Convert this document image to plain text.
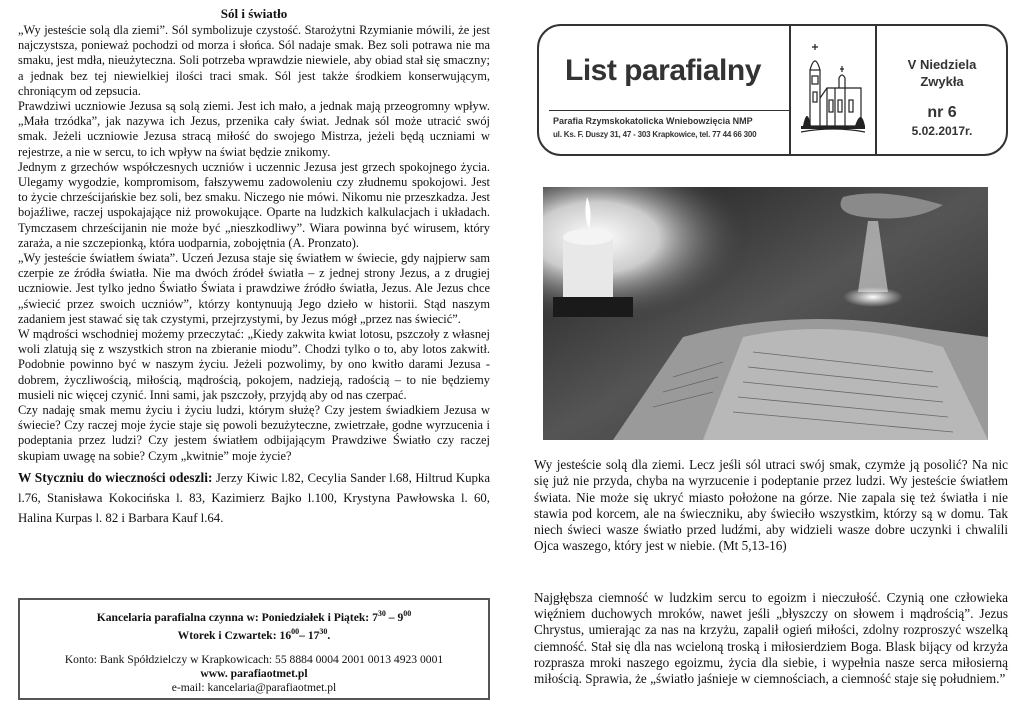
Sól i światło

„Wy jesteście solą dla ziemi”. Sól symbolizuje czystość. Starożytni Rzymianie mówili, że jest najczystsza, ponieważ pochodzi od morza i słońca. Sól nadaje smak. Bez soli potrawa nie ma smaku, jest mdła, nieużyteczna. Soli potrzeba wprawdzie niewiele, aby obiad stał się smaczny; a jednak bez tej niewielkiej ilości traci smak. Sól jest także środkiem konserwującym, chroniącym od zepsucia.

Prawdziwi uczniowie Jezusa są solą ziemi. Jest ich mało, a jednak mają przeogromny wpływ. „Mała trzódka”, jak nazywa ich Jezus, przenika cały świat. Jednak sól może utracić swój smak. Jeżeli uczniowie Jezusa stracą miłość do swojego Mistrza, jeżeli będą uczniami w rejestrze, a nie w sercu, to ich wpływ na świat będzie znikomy.

Jednym z grzechów współczesnych uczniów i uczennic Jezusa jest grzech spokojnego życia. Ulegamy wygodzie, kompromisom, fałszywemu zadowoleniu czy złudnemu spokojowi. Jest to życie chrześcijańskie bez soli, bez smaku. Niczego nie mówi. Nikomu nie przeszkadza. Jest bojaźliwe, raczej uspokajające niż prowokujące. Oparte na ludzkich kalkulacjach i układach. Tymczasem chrześcijanin nie może być „nieszkodliwy”. Wiara powinna być wirusem, który zaraża, a nie szczepionką, która uodparnia, zobojętnia (A. Pronzato).

„Wy jesteście światłem świata”. Uczeń Jezusa staje się światłem w świecie, gdy najpierw sam czerpie ze źródła światła. Nie ma dwóch źródeł światła – z jednej strony Jezus, a z drugiej uczniowie. Jest tylko jedno Światło Świata i prawdziwe źródło światła, Jezus. Ale Jezus chce „świecić przez swoich uczniów”, którzy kontynuują Jego dzieło w historii. Stąd naszym zadaniem jest stawać się tak czystymi, przejrzystymi, by Jezus mógł „przez nas świecić”.

W mądrości wschodniej możemy przeczytać: „Kiedy zakwita kwiat lotosu, pszczoły z własnej woli zlatują się z wszystkich stron na zbieranie miodu”. Chodzi tylko o to, aby lotos zakwitł. Podobnie powinno być w naszym życiu. Jeżeli pozwolimy, by ono kwitło darami Jezusa - dobrem, życzliwością, miłością, mądrością, pokojem, nadzieją, radością – to nie będziemy musieli nic więcej czynić. Inni sami, jak pszczoły, przyjdą aby od nas czerpać.

Czy nadaję smak memu życiu i życiu ludzi, którym służę? Czy jestem świadkiem Jezusa w świecie? Czy raczej moje życie staje się powoli bezużyteczne, zwietrzałe, godne wyrzucenia i podeptania przez ludzi? Czy jestem światłem odbijającym Prawdziwe Światło czy raczej skupiam uwagę na sobie? Czym „kwitnie” moje życie?

W Styczniu do wieczności odeszli: Jerzy Kiwic l.82, Cecylia Sander l.68, Hiltrud Kupka l.76, Stanisława Kokocińska l. 83, Kazimierz Bajko l.100, Krystyna Pawłowska l. 60, Halina Kurpas l. 82 i Barbara Kauf l.64.
Kancelaria parafialna czynna w: Poniedziałek i Piątek: $7^{30} - 9^{00}$
Wtorek i Czwartek: $16^{00}-$ $17^{30}$.
Konto: Bank Spółdzielczy w Krapkowicach: 55 8884 0004 2001 0013 4923 0001
www. parafiaotmet.pl
e-mail: kancelaria@parafiaotmet.pl
List parafialny
Parafia Rzymskokatolicka Wniebowzięcia NMP
ul. Ks. F. Duszy 31, 47 - 303 Krapkowice, tel. 77 44 66 300
V Niedziela
Zwykła
nr 6
5.02.2017r.
Wy jesteście solą dla ziemi. Lecz jeśli sól utraci swój smak, czymże ją posolić? Na nic się już nie przyda, chyba na wyrzucenie i podeptanie przez ludzi. Wy jesteście światłem świata. Nie może się ukryć miasto położone na górze. Nie zapala się też światła i nie stawia pod korcem, ale na świeczniku, aby świeciło wszystkim, którzy są w domu. Tak niech świeci wasze światło przed ludźmi, aby widzieli wasze dobre uczynki i chwalili Ojca waszego, który jest w niebie. (Mt 5,13-16)
Najgłębsza ciemność w ludzkim sercu to egoizm i nieczułość. Czynią one człowieka więźniem duchowych mroków, nawet jeśli „błyszczy on słowem i mądrością”. Jezus Chrystus, umierając za nas na krzyżu, zapalił ogień miłości, zdolny rozproszyć wszelką ciemność. Stał się dla nas wcieloną troską i miłosierdziem Boga. Blask bijący od krzyża rozprasza mroki naszego egoizmu, życia dla siebie, i wypełnia nasze serca miłosierną miłością. Sprawia, że „światło jaśnieje w ciemnościach, a ciemność staje się południem.”
